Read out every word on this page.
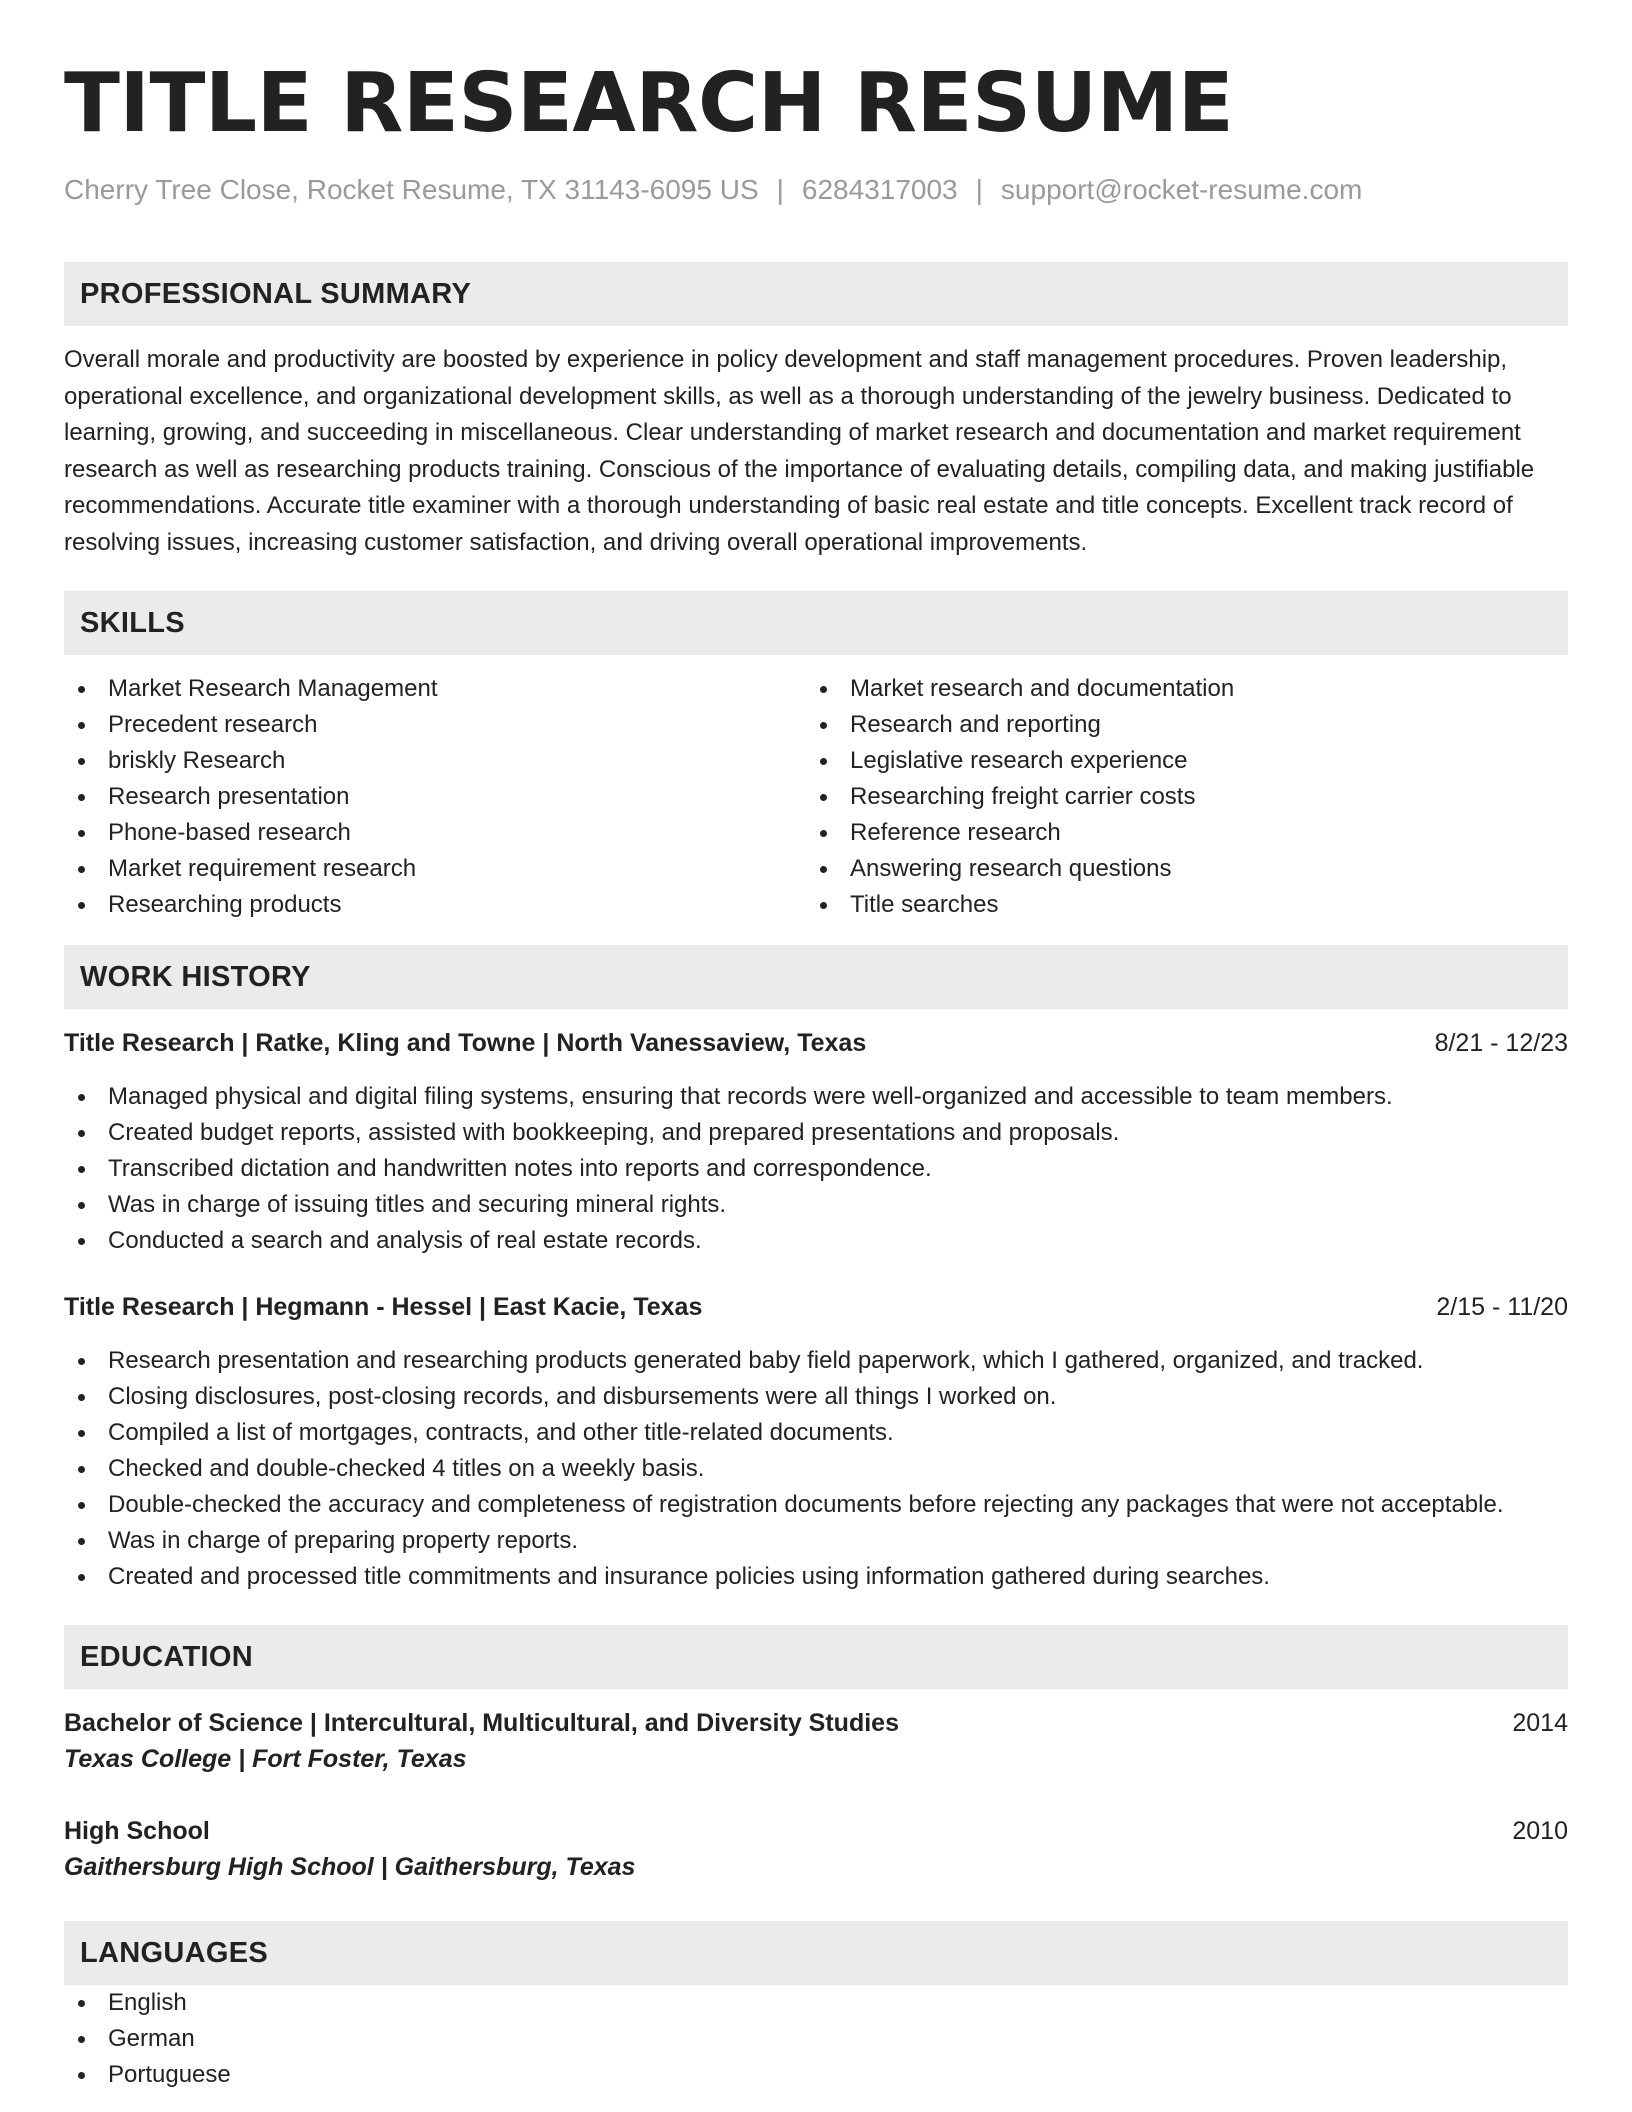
TITLE RESEARCH RESUME
Cherry Tree Close, Rocket Resume, TX 31143-6095 US | 6284317003 | support@rocket-resume.com
PROFESSIONAL SUMMARY
Overall morale and productivity are boosted by experience in policy development and staff management procedures. Proven leadership, operational excellence, and organizational development skills, as well as a thorough understanding of the jewelry business. Dedicated to learning, growing, and succeeding in miscellaneous. Clear understanding of market research and documentation and market requirement research as well as researching products training. Conscious of the importance of evaluating details, compiling data, and making justifiable recommendations. Accurate title examiner with a thorough understanding of basic real estate and title concepts. Excellent track record of resolving issues, increasing customer satisfaction, and driving overall operational improvements.
SKILLS
Market Research Management
Precedent research
briskly Research
Research presentation
Phone-based research
Market requirement research
Researching products
Market research and documentation
Research and reporting
Legislative research experience
Researching freight carrier costs
Reference research
Answering research questions
Title searches
WORK HISTORY
Title Research | Ratke, Kling and Towne | North Vanessaview, Texas	8/21 - 12/23
Managed physical and digital filing systems, ensuring that records were well-organized and accessible to team members.
Created budget reports, assisted with bookkeeping, and prepared presentations and proposals.
Transcribed dictation and handwritten notes into reports and correspondence.
Was in charge of issuing titles and securing mineral rights.
Conducted a search and analysis of real estate records.
Title Research | Hegmann - Hessel | East Kacie, Texas	2/15 - 11/20
Research presentation and researching products generated baby field paperwork, which I gathered, organized, and tracked.
Closing disclosures, post-closing records, and disbursements were all things I worked on.
Compiled a list of mortgages, contracts, and other title-related documents.
Checked and double-checked 4 titles on a weekly basis.
Double-checked the accuracy and completeness of registration documents before rejecting any packages that were not acceptable.
Was in charge of preparing property reports.
Created and processed title commitments and insurance policies using information gathered during searches.
EDUCATION
Bachelor of Science | Intercultural, Multicultural, and Diversity Studies	2014
Texas College | Fort Foster, Texas
High School	2010
Gaithersburg High School | Gaithersburg, Texas
LANGUAGES
English
German
Portuguese
